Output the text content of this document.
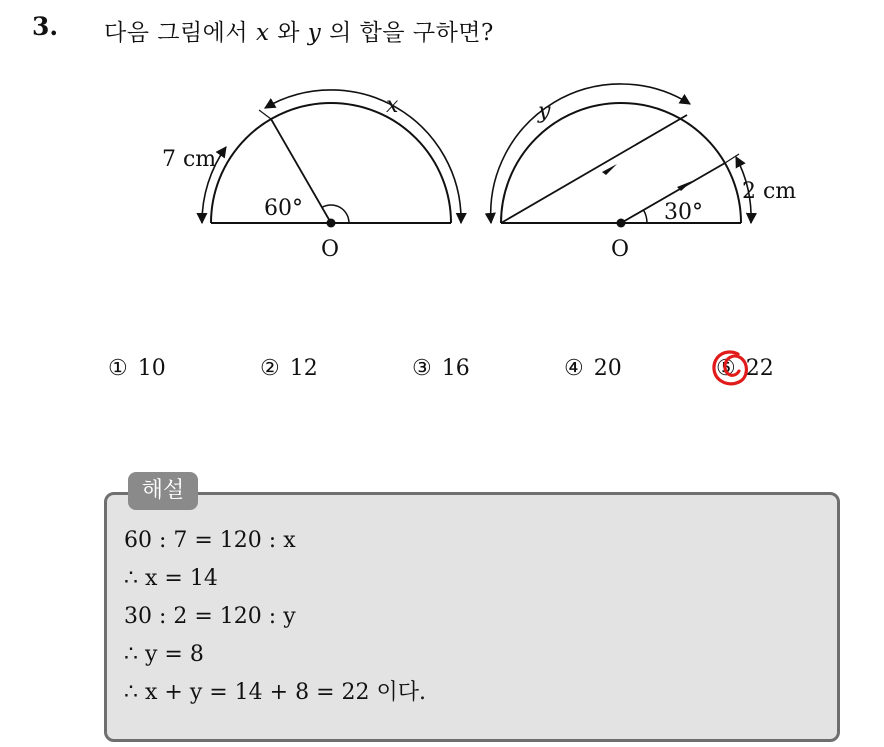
3. 다음 그림에서 x 와 y 의 합을 구하면?
7 cm
60°
x
O
y
30°
2 cm
O
① 10	② 12	③ 16	④ 20	⑤ 22
해설
60 : 7 = 120 : x
∴ x = 14
30 : 2 = 120 : y
∴ y = 8
∴ x + y = 14 + 8 = 22 이다.
